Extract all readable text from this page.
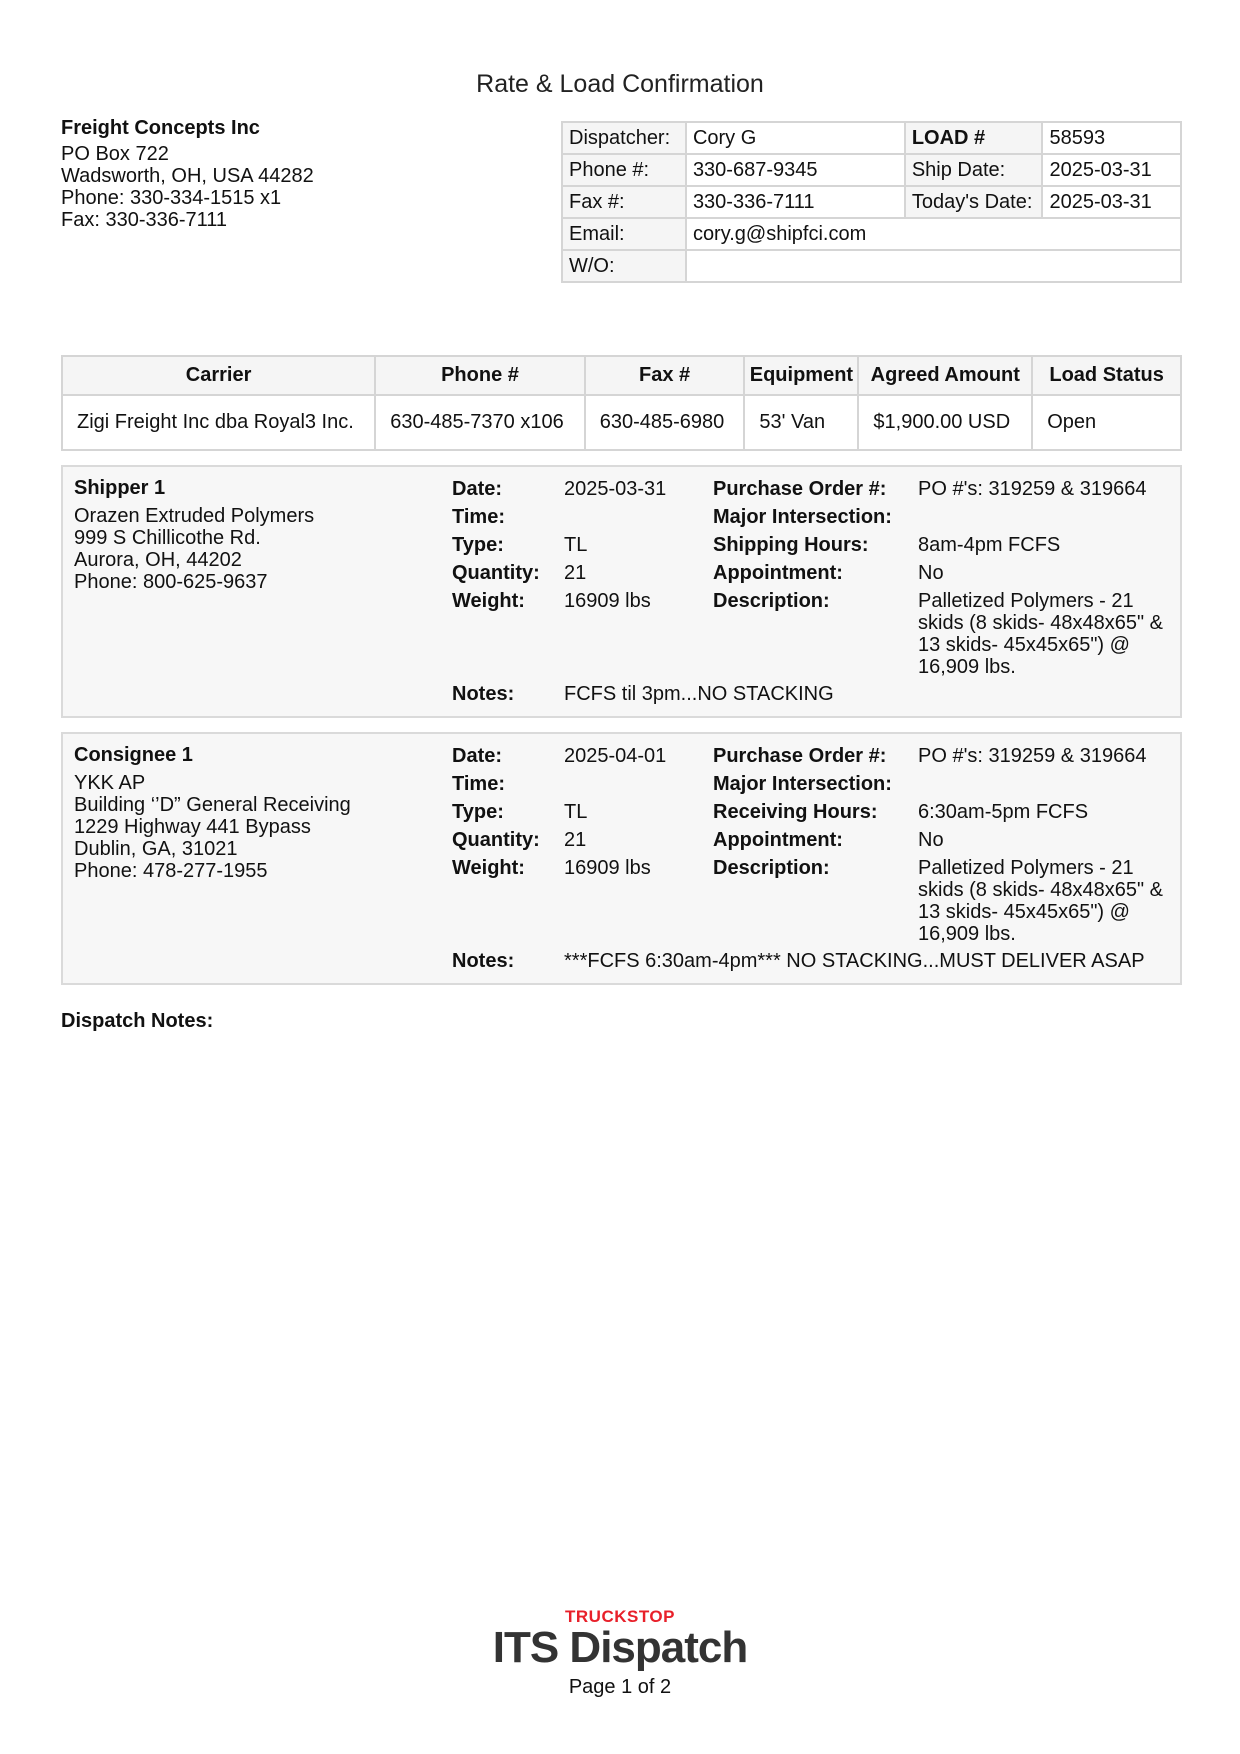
Rate & Load Confirmation
Freight Concepts Inc
PO Box 722
Wadsworth, OH, USA 44282
Phone: 330-334-1515 x1
Fax: 330-336-7111
Dispatcher:	Cory G	LOAD #	58593
Phone #:	330-687-9345	Ship Date:	2025-03-31
Fax #:	330-336-7111	Today's Date:	2025-03-31
Email:	cory.g@shipfci.com		
W/O:			
Carrier	Phone #	Fax #	Equipment	Agreed Amount	Load Status
Zigi Freight Inc dba Royal3 Inc.	630-485-7370 x106	630-485-6980	53' Van	$1,900.00 USD	Open
Shipper 1
Orazen Extruded Polymers
999 S Chillicothe Rd.
Aurora, OH, 44202
Phone: 800-625-9637
Date:	2025-03-31
Time:
Type:	TL
Quantity: 21
Weight: 16909 lbs
Purchase Order #: PO #'s: 319259 & 319664
Major Intersection:
Shipping Hours: 8am-4pm FCFS
Appointment:	No
Description:	Palletized Polymers - 21 skids (8 skids- 48x48x65" & 13 skids- 45x45x65") @ 16,909 lbs.
Notes: FCFS til 3pm...NO STACKING
Consignee 1
YKK AP
Building ‘’D” General Receiving
1229 Highway 441 Bypass
Dublin, GA, 31021
Phone: 478-277-1955
Date:	2025-04-01
Time:
Type:	TL
Quantity: 21
Weight: 16909 lbs
Purchase Order #: PO #'s: 319259 & 319664
Major Intersection:
Receiving Hours: 6:30am-5pm FCFS
Appointment:	No
Description:	Palletized Polymers - 21 skids (8 skids- 48x48x65" & 13 skids- 45x45x65") @ 16,909 lbs.
Notes: ***FCFS 6:30am-4pm*** NO STACKING...MUST DELIVER ASAP
Dispatch Notes:
TRUCKSTOP
ITS Dispatch
Page 1 of 2
